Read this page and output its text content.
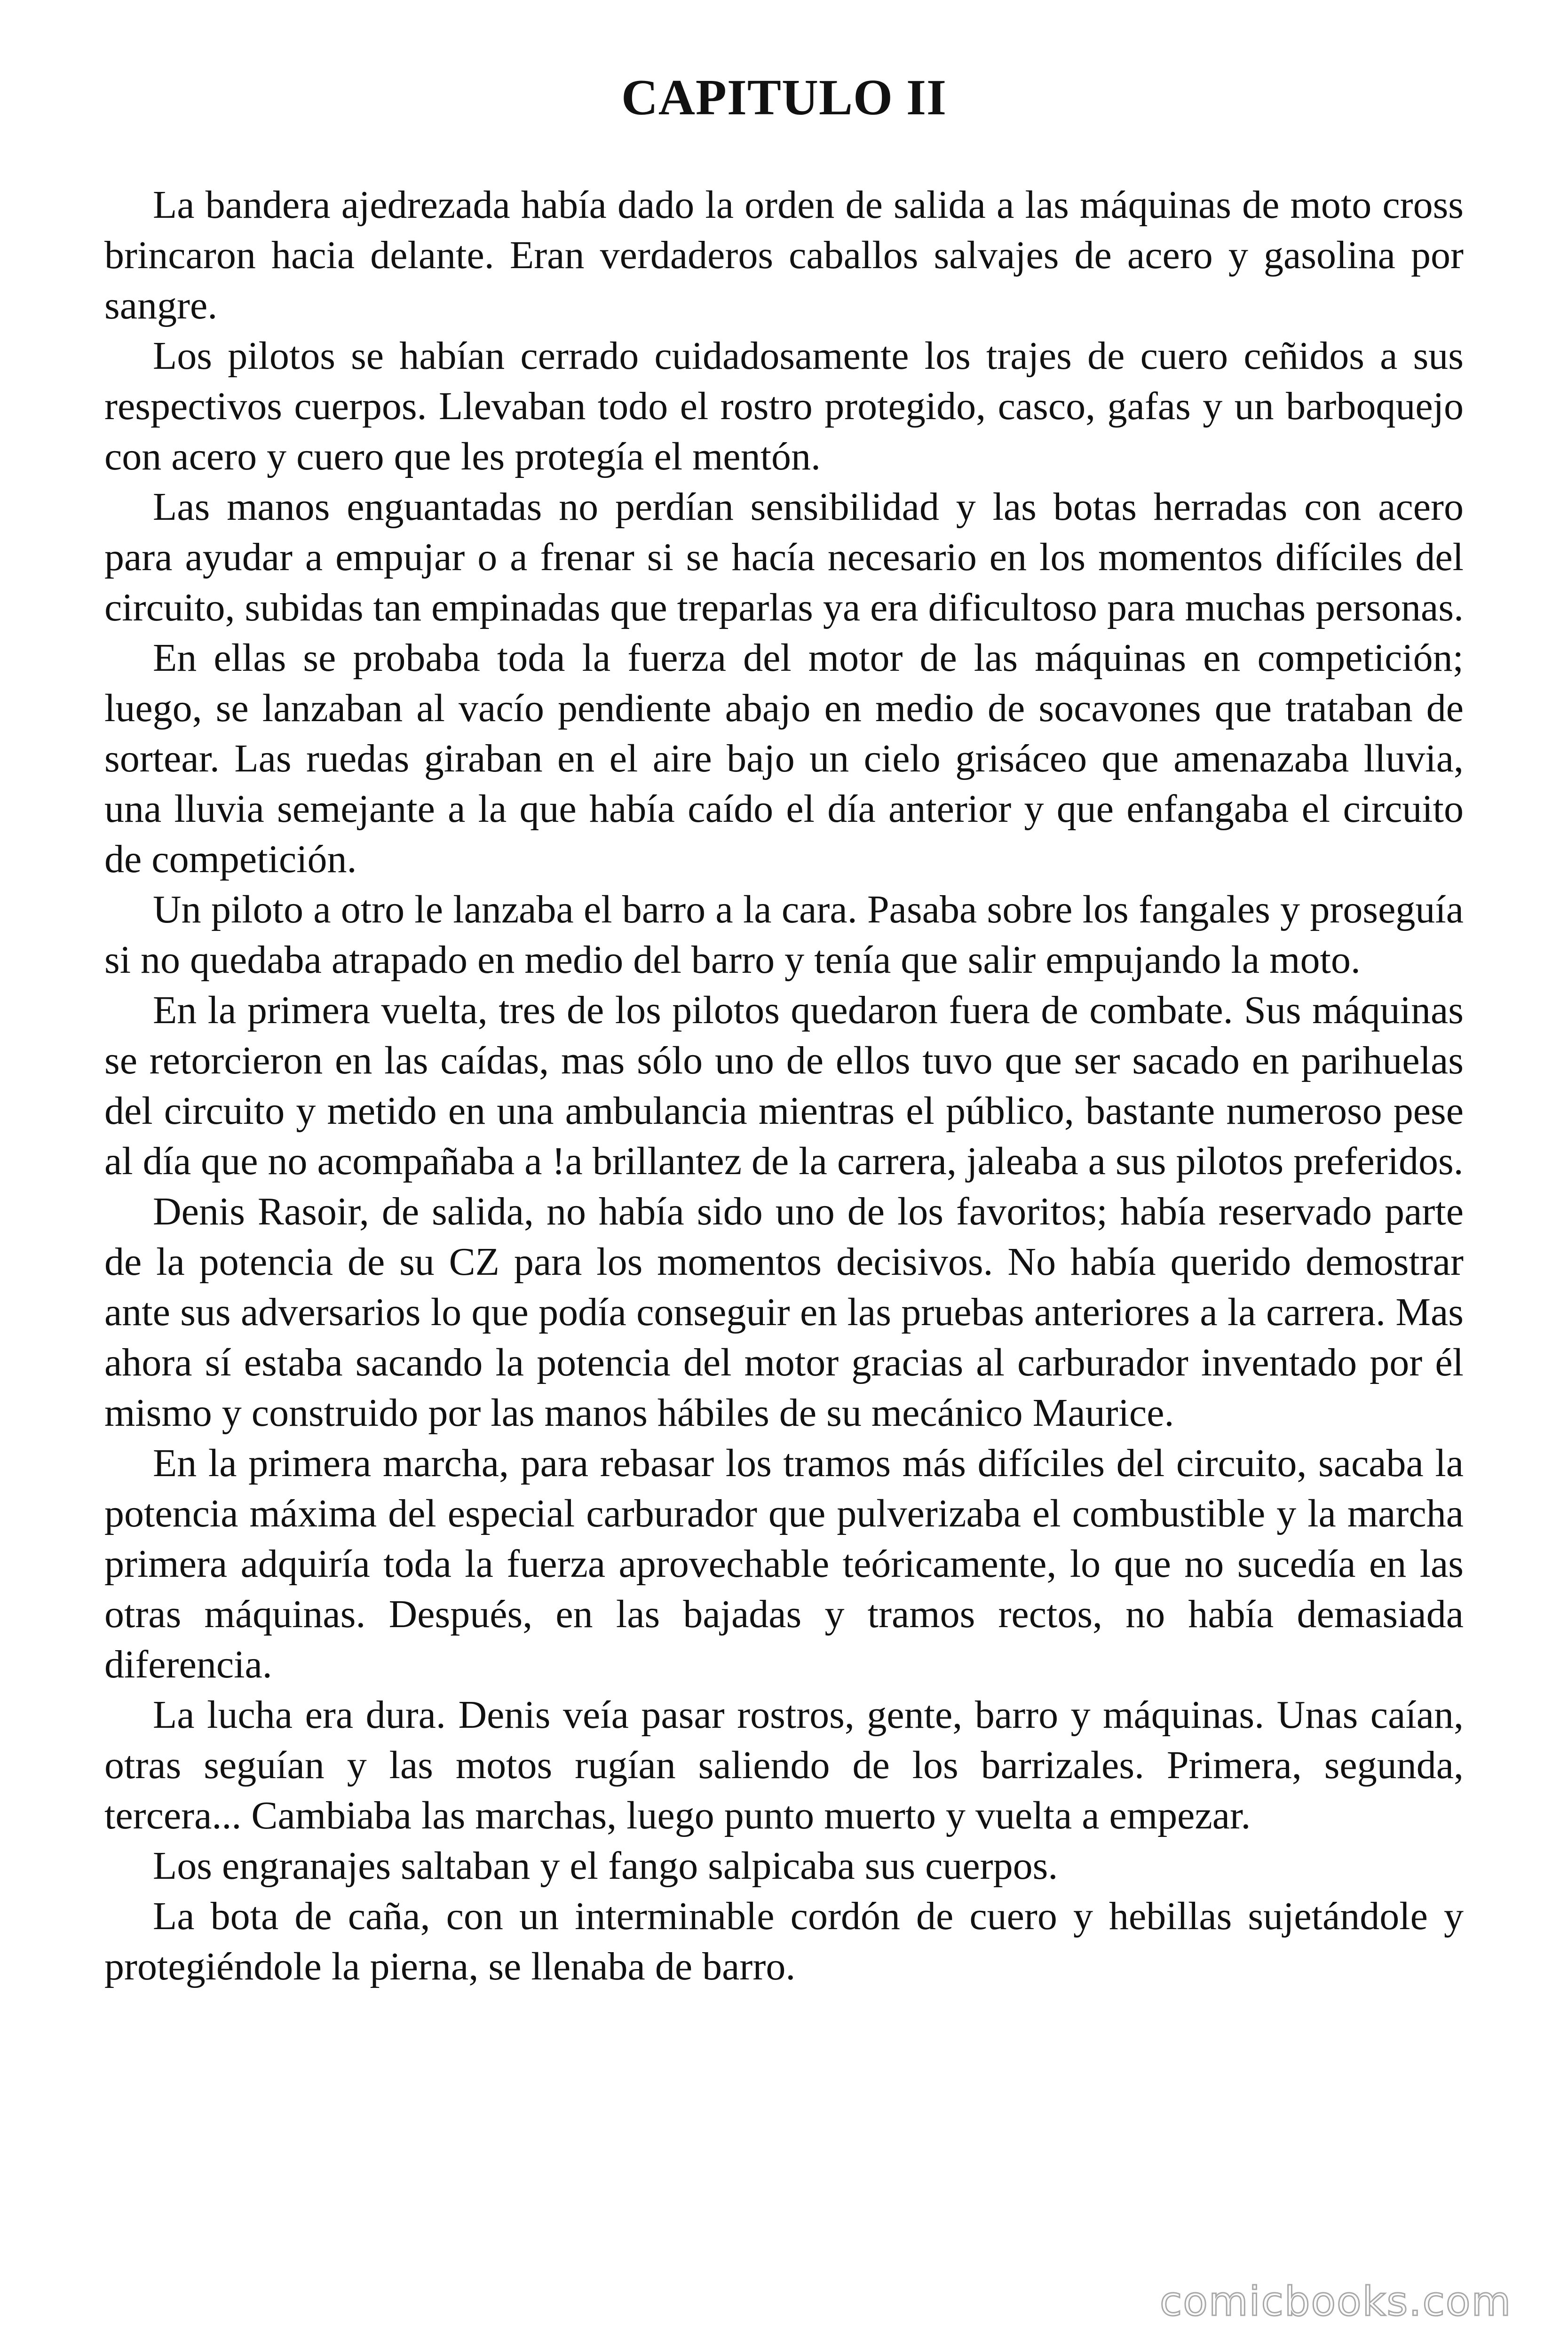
CAPITULO II

La bandera ajedrezada había dado la orden de salida a las máquinas de moto cross brincaron hacia delante. Eran verdaderos caballos salvajes de acero y gasolina por sangre.

Los pilotos se habían cerrado cuidadosamente los trajes de cuero ceñidos a sus respectivos cuerpos. Llevaban todo el rostro protegido, casco, gafas y un barboquejo con acero y cuero que les protegía el mentón.

Las manos enguantadas no perdían sensibilidad y las botas herradas con acero para ayudar a empujar o a frenar si se hacía necesario en los momentos difíciles del circuito, subidas tan empinadas que treparlas ya era dificultoso para muchas personas.

En ellas se probaba toda la fuerza del motor de las máquinas en competición; luego, se lanzaban al vacío pendiente abajo en medio de socavones que trataban de sortear. Las ruedas giraban en el aire bajo un cielo grisáceo que amenazaba lluvia, una lluvia semejante a la que había caído el día anterior y que enfangaba el circuito de competición.

Un piloto a otro le lanzaba el barro a la cara. Pasaba sobre los fangales y proseguía si no quedaba atrapado en medio del barro y tenía que salir empujando la moto.

En la primera vuelta, tres de los pilotos quedaron fuera de combate. Sus máquinas se retorcieron en las caídas, mas sólo uno de ellos tuvo que ser sacado en parihuelas del circuito y metido en una ambulancia mientras el público, bastante numeroso pese al día que no acompañaba a !a brillantez de la carrera, jaleaba a sus pilotos preferidos.

Denis Rasoir, de salida, no había sido uno de los favoritos; había reservado parte de la potencia de su CZ para los momentos decisivos. No había querido demostrar ante sus adversarios lo que podía conseguir en las pruebas anteriores a la carrera. Mas ahora sí estaba sacando la potencia del motor gracias al carburador inventado por él mismo y construido por las manos hábiles de su mecánico Maurice.

En la primera marcha, para rebasar los tramos más difíciles del circuito, sacaba la potencia máxima del especial carburador que pulverizaba el combustible y la marcha primera adquiría toda la fuerza aprovechable teóricamente, lo que no sucedía en las otras máquinas. Después, en las bajadas y tramos rectos, no había demasiada diferencia.

La lucha era dura. Denis veía pasar rostros, gente, barro y máquinas. Unas caían, otras seguían y las motos rugían saliendo de los barrizales. Primera, segunda, tercera... Cambiaba las marchas, luego punto muerto y vuelta a empezar.

Los engranajes saltaban y el fango salpicaba sus cuerpos.

La bota de caña, con un interminable cordón de cuero y hebillas sujetándole y protegiéndole la pierna, se llenaba de barro.

comicbooks.com
